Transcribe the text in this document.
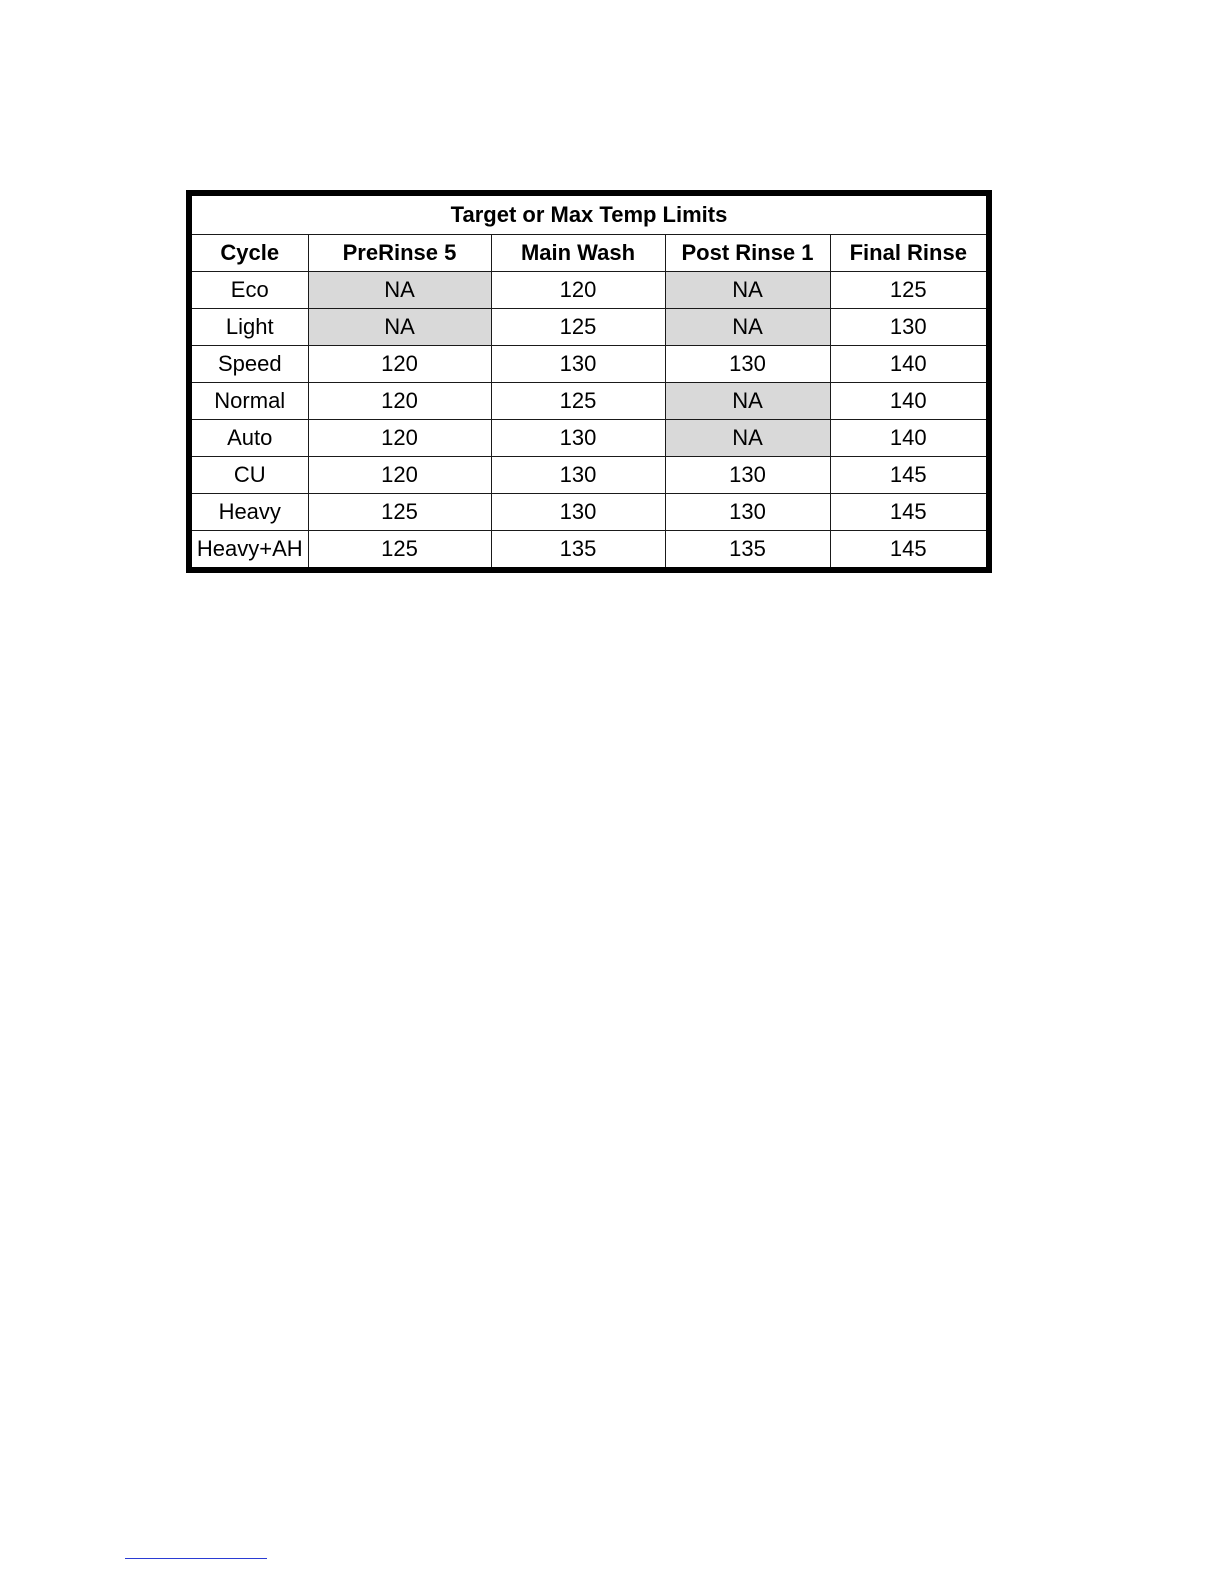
Target or Max Temp Limits				
Cycle	PreRinse 5	Main Wash	Post Rinse 1	Final Rinse
Eco	NA	120	NA	125
Light	NA	125	NA	130
Speed	120	130	130	140
Normal	120	125	NA	140
Auto	120	130	NA	140
CU	120	130	130	145
Heavy	125	130	130	145
Heavy+AH	125	135	135	145
